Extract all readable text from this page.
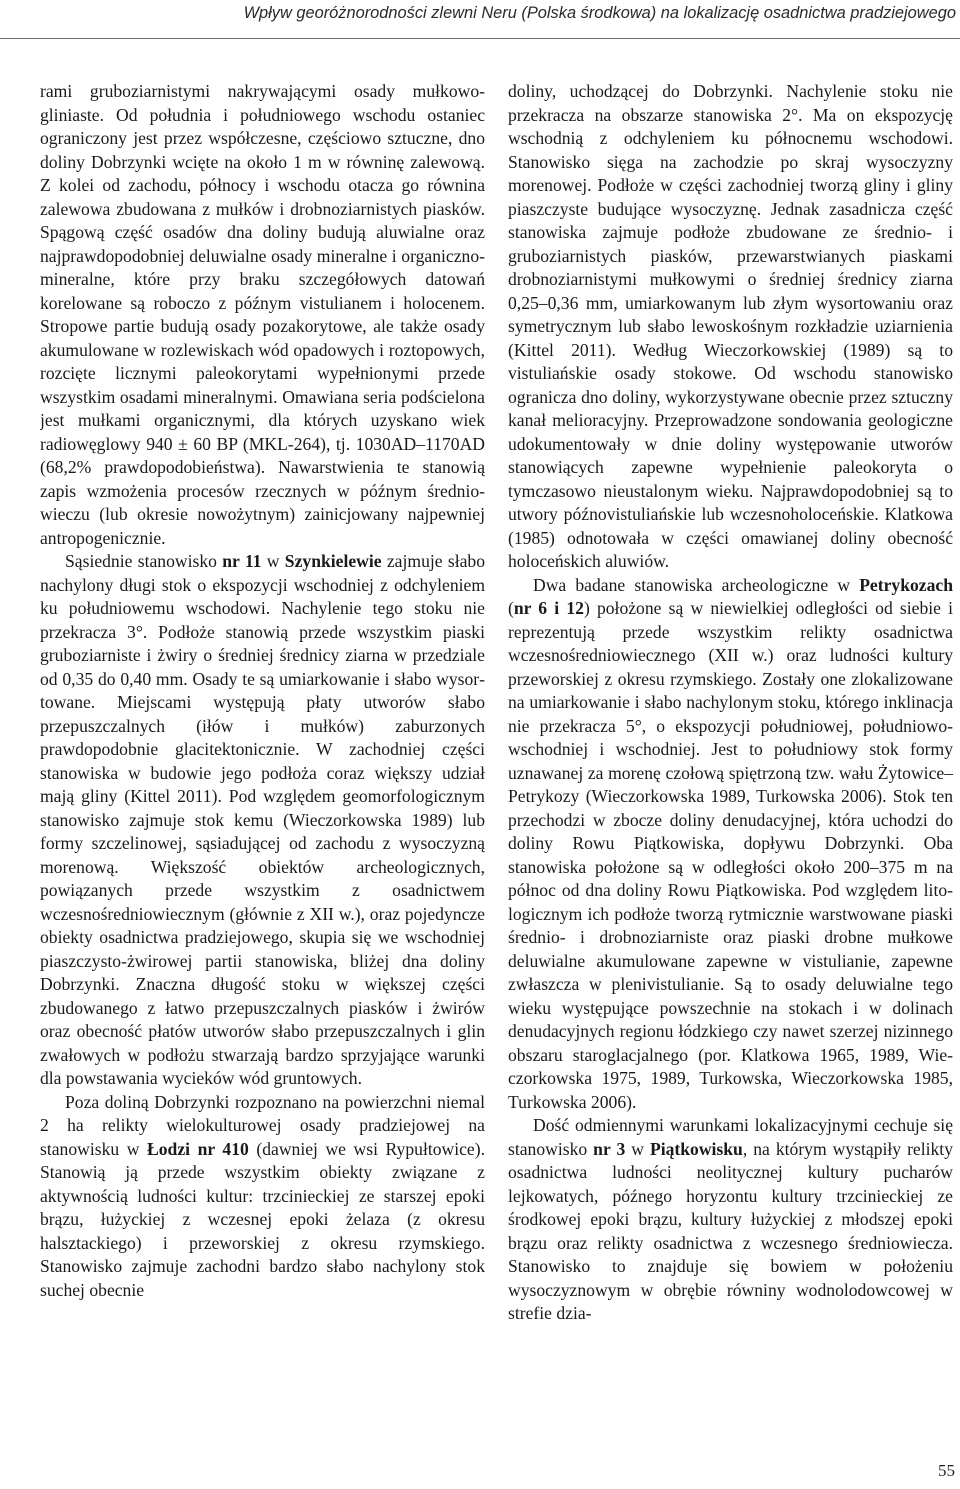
Wpływ georóżnorodności zlewni Neru (Polska środkowa) na lokalizację osadnictwa pradziejowego

rami gruboziarnistymi nakrywającymi osady mułkowo-gliniaste. Od południa i południowego wschodu ostaniec ograniczony jest przez współczesne, częściowo sztuczne, dno doliny Dobrzynki wcięte na około 1 m w równinę zalewową. Z kolei od zachodu, północy i wschodu otacza go równina zalewowa zbudowana z mułków i drobnoziarnistych piasków. Spągową część osadów dna doliny budują aluwialne oraz najprawdopodobniej deluwialne osady mineralne i organiczno-mineralne, które przy braku szczegółowych datowań korelowane są roboczo z późnym vistulianem i holocenem. Stropowe partie budują osady pozakorytowe, ale także osady akumulowane w rozlewiskach wód opadowych i roztopowych, rozcięte licznymi paleokorytami wypełnionymi przede wszystkim osadami mineralnymi. Omawiana seria podścielona jest mułkami organicznymi, dla których uzyskano wiek radiowęglowy 940 ± 60 BP (MKL-264), tj. 1030AD–1170AD (68,2% prawdopodobieństwa). Nawarstwienia te stanowią zapis wzmożenia procesów rzecznych w późnym średniowieczu (lub okresie nowożytnym) zainicjowany najpewniej antropogenicznie.

Sąsiednie stanowisko nr 11 w Szynkielewie zajmuje słabo nachylony długi stok o ekspozycji wschodniej z odchyleniem ku południowemu wschodowi. Nachylenie tego stoku nie przekracza 3°. Podłoże stanowią przede wszystkim piaski gruboziarniste i żwiry o średniej średnicy ziarna w przedziale od 0,35 do 0,40 mm. Osady te są umiarkowanie i słabo wysortowane. Miejscami występują płaty utworów słabo przepuszczalnych (iłów i mułków) zaburzonych prawdopodobnie glacitektonicznie. W zachodniej części stanowiska w budowie jego podłoża coraz większy udział mają gliny (Kittel 2011). Pod względem geomorfologicznym stanowisko zajmuje stok kemu (Wieczorkowska 1989) lub formy szczelinowej, sąsiadującej od zachodu z wysoczyzną morenową. Większość obiektów archeologicznych, powiązanych przede wszystkim z osadnictwem wczesnośredniowiecznym (głównie z XII w.), oraz pojedyncze obiekty osadnictwa pradziejowego, skupia się we wschodniej piaszczysto-żwirowej partii stanowiska, bliżej dna doliny Dobrzynki. Znaczna długość stoku w większej części zbudowanego z łatwo przepuszczalnych piasków i żwirów oraz obecność płatów utworów słabo przepuszczalnych i glin zwałowych w podłożu stwarzają bardzo sprzyjające warunki dla powstawania wycieków wód gruntowych.

Poza doliną Dobrzynki rozpoznano na powierzchni niemal 2 ha relikty wielokulturowej osady pradziejowej na stanowisku w Łodzi nr 410 (dawniej we wsi Rypułtowice). Stanowią ją przede wszystkim obiekty związane z aktywnością ludności kultur: trzcinieckiej ze starszej epoki brązu, łużyckiej z wczesnej epoki żelaza (z okresu halsztackiego) i przeworskiej z okresu rzymskiego. Stanowisko zajmuje zachodni bardzo słabo nachylony stok suchej obecnie

doliny, uchodzącej do Dobrzynki. Nachylenie stoku nie przekracza na obszarze stanowiska 2°. Ma on ekspozycję wschodnią z odchyleniem ku północnemu wschodowi. Stanowisko sięga na zachodzie po skraj wysoczyzny morenowej. Podłoże w części zachodniej tworzą gliny i gliny piaszczyste budujące wysoczyznę. Jednak zasadnicza część stanowiska zajmuje podłoże zbudowane ze średnio- i gruboziarnistych piasków, przewarstwianych piaskami drobnoziarnistymi mułkowymi o średniej średnicy ziarna 0,25–0,36 mm, umiarkowanym lub złym wysortowaniu oraz symetrycznym lub słabo lewoskośnym rozkładzie uziarnienia (Kittel 2011). Według Wieczorkowskiej (1989) są to vistuliańskie osady stokowe. Od wschodu stanowisko ogranicza dno doliny, wykorzystywane obecnie przez sztuczny kanał melioracyjny. Przeprowadzone sondowania geologiczne udokumentowały w dnie doliny występowanie utworów stanowiących zapewne wypełnienie paleokoryta o tymczasowo nieustalonym wieku. Najprawdopodobniej są to utwory późnovistuliańskie lub wczesnoholoceńskie. Klatkowa (1985) odnotowała w części omawianej doliny obecność holoceńskich aluwiów.

Dwa badane stanowiska archeologiczne w Petrykozach (nr 6 i 12) położone są w niewielkiej odległości od siebie i reprezentują przede wszystkim relikty osadnictwa wczesnośredniowiecznego (XII w.) oraz ludności kultury przeworskiej z okresu rzymskiego. Zostały one zlokalizowane na umiarkowanie i słabo nachylonym stoku, którego inklinacja nie przekracza 5°, o ekspozycji południowej, południowo-wschodniej i wschodniej. Jest to południowy stok formy uznawanej za morenę czołową spiętrzoną tzw. wału Żytowice–Petrykozy (Wieczorkowska 1989, Turkowska 2006). Stok ten przechodzi w zbocze doliny denudacyjnej, która uchodzi do doliny Rowu Piątkowiska, dopływu Dobrzynki. Oba stanowiska położone są w odległości około 200–375 m na północ od dna doliny Rowu Piątkowiska. Pod względem litologicznym ich podłoże tworzą rytmicznie warstwowane piaski średnio- i drobnoziarniste oraz piaski drobne mułkowe deluwialne akumulowane zapewne w vistulianie, zapewne zwłaszcza w plenivistulianie. Są to osady deluwialne tego wieku występujące powszechnie na stokach i w dolinach denudacyjnych regionu łódzkiego czy nawet szerzej nizinnego obszaru staroglacjalnego (por. Klatkowa 1965, 1989, Wieczorkowska 1975, 1989, Turkowska, Wieczorkowska 1985, Turkowska 2006).

Dość odmiennymi warunkami lokalizacyjnymi cechuje się stanowisko nr 3 w Piątkowisku, na którym wystąpiły relikty osadnictwa ludności neolitycznej kultury pucharów lejkowatych, późnego horyzontu kultury trzcinieckiej ze środkowej epoki brązu, kultury łużyckiej z młodszej epoki brązu oraz relikty osadnictwa z wczesnego średniowiecza. Stanowisko to znajduje się bowiem w położeniu wysoczyznowym w obrębie równiny wodnolodowcowej w strefie dzia-

55
